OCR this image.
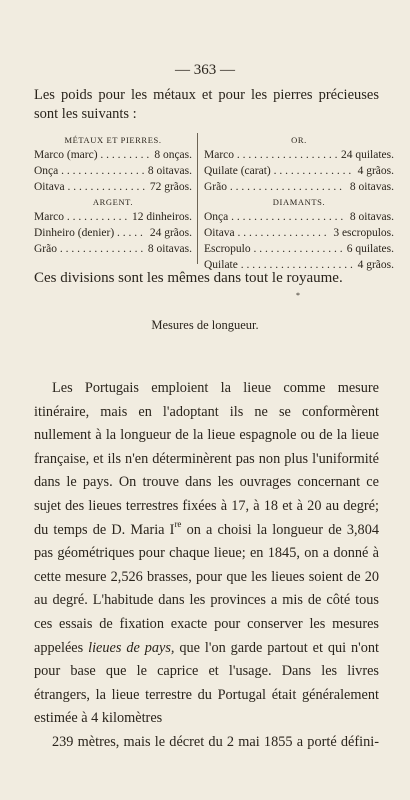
— 363 —
Les poids pour les métaux et pour les pierres précieuses
sont les suivants :
MÉTAUX ET PIERRES.
Marco (marc) . . .	8 onças.
Onça . . .	8 oitavas.
Oitava . . .	72 grãos.
ARGENT.
Marco . . .	12 dinheiros.
Dinheiro (denier) . . .	24 grãos.
Grão . . .	8 oitavas.
OR.
Marco . . .	24 quilates.
Quilate (carat) . . .	4 grãos.
Grão . . .	8 oitavas.
DIAMANTS.
Onça . . .	8 oitavas.
Oitava . . .	3 escropulos.
Escropulo . . .	6 quilates.
Quilate . . .	4 grãos.
Ces divisions sont les mêmes dans tout le royaume.
*
Mesures de longueur.

Les Portugais emploient la lieue comme mesure itinéraire, mais en l'adoptant ils ne se conformèrent nullement à la longueur de la lieue espagnole ou de la lieue française, et ils n'en déterminèrent pas non plus l'uniformité dans le pays. On trouve dans les ouvrages concernant ce sujet des lieues terrestres fixées à 17, à 18 et à 20 au degré; du temps de D. Maria Ire on a choisi la longueur de 3,804 pas géométriques pour chaque lieue; en 1845, on a donné à cette mesure 2,526 brasses, pour que les lieues soient de 20 au degré. L'habitude dans les provinces a mis de côté tous ces essais de fixation exacte pour conserver les mesures appelées lieues de pays, que l'on garde partout et qui n'ont pour base que le caprice et l'usage. Dans les livres étrangers, la lieue terrestre du Portugal était généralement estimée à 4 kilomètres
239 mètres, mais le décret du 2 mai 1855 a porté défini-
